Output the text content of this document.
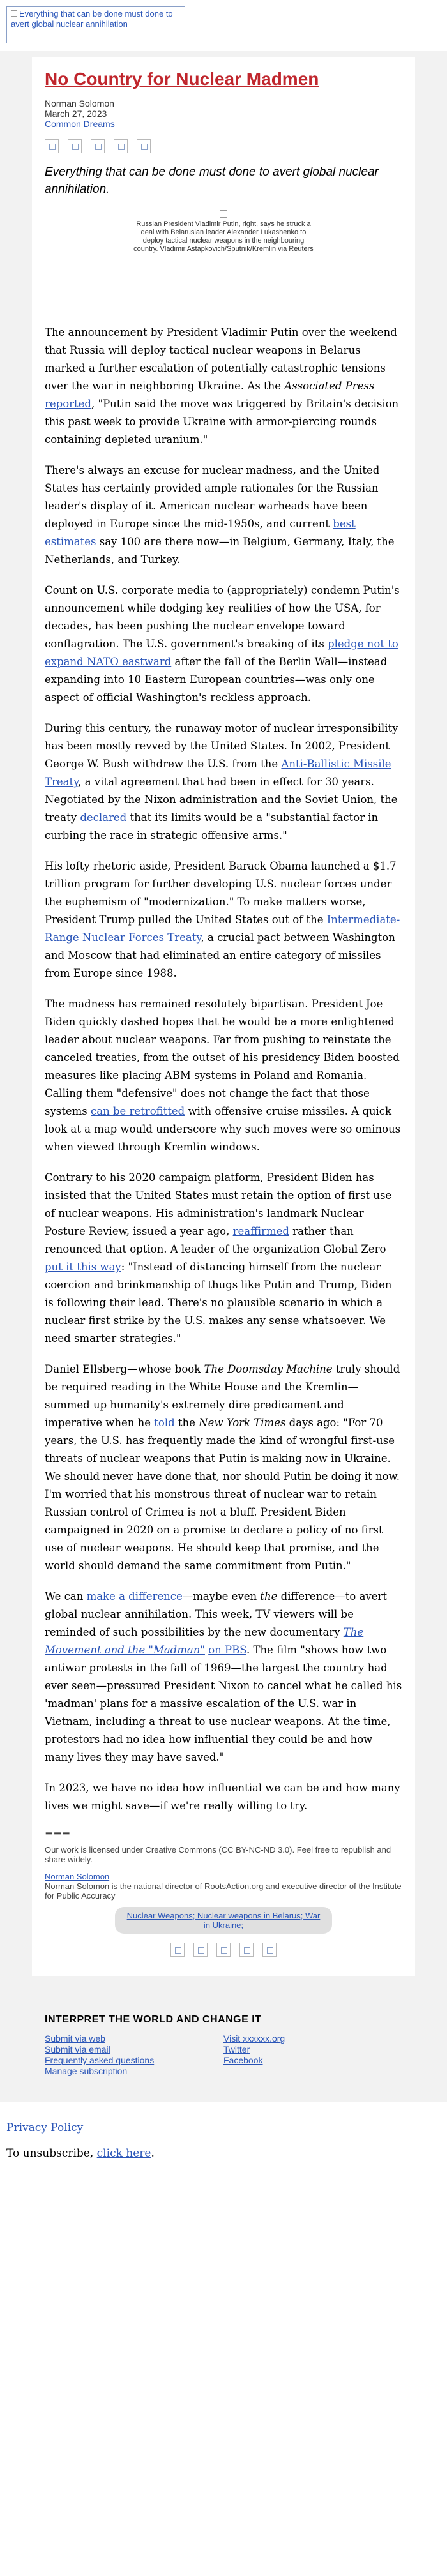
Everything that can be done must done to avert global nuclear annihilation
No Country for Nuclear Madmen
Norman Solomon
March 27, 2023
Common Dreams
Everything that can be done must done to avert global nuclear annihilation.
Russian President Vladimir Putin, right, says he struck a deal with Belarusian leader Alexander Lukashenko to deploy tactical nuclear weapons in the neighbouring country. Vladimir Astapkovich/Sputnik/Kremlin via Reuters

The announcement by President Vladimir Putin over the weekend that Russia will deploy tactical nuclear weapons in Belarus marked a further escalation of potentially catastrophic tensions over the war in neighboring Ukraine. As the Associated Press reported, "Putin said the move was triggered by Britain's decision this past week to provide Ukraine with armor-piercing rounds containing depleted uranium."

There's always an excuse for nuclear madness, and the United States has certainly provided ample rationales for the Russian leader's display of it. American nuclear warheads have been deployed in Europe since the mid-1950s, and current best estimates say 100 are there now—in Belgium, Germany, Italy, the Netherlands, and Turkey.

Count on U.S. corporate media to (appropriately) condemn Putin's announcement while dodging key realities of how the USA, for decades, has been pushing the nuclear envelope toward conflagration. The U.S. government's breaking of its pledge not to expand NATO eastward after the fall of the Berlin Wall—instead expanding into 10 Eastern European countries—was only one aspect of official Washington's reckless approach.

During this century, the runaway motor of nuclear irresponsibility has been mostly revved by the United States. In 2002, President George W. Bush withdrew the U.S. from the Anti-Ballistic Missile Treaty, a vital agreement that had been in effect for 30 years. Negotiated by the Nixon administration and the Soviet Union, the treaty declared that its limits would be a "substantial factor in curbing the race in strategic offensive arms."

His lofty rhetoric aside, President Barack Obama launched a $1.7 trillion program for further developing U.S. nuclear forces under the euphemism of "modernization." To make matters worse, President Trump pulled the United States out of the Intermediate-Range Nuclear Forces Treaty, a crucial pact between Washington and Moscow that had eliminated an entire category of missiles from Europe since 1988.

The madness has remained resolutely bipartisan. President Joe Biden quickly dashed hopes that he would be a more enlightened leader about nuclear weapons. Far from pushing to reinstate the canceled treaties, from the outset of his presidency Biden boosted measures like placing ABM systems in Poland and Romania. Calling them "defensive" does not change the fact that those systems can be retrofitted with offensive cruise missiles. A quick look at a map would underscore why such moves were so ominous when viewed through Kremlin windows.

Contrary to his 2020 campaign platform, President Biden has insisted that the United States must retain the option of first use of nuclear weapons. His administration's landmark Nuclear Posture Review, issued a year ago, reaffirmed rather than renounced that option. A leader of the organization Global Zero put it this way: "Instead of distancing himself from the nuclear coercion and brinkmanship of thugs like Putin and Trump, Biden is following their lead. There's no plausible scenario in which a nuclear first strike by the U.S. makes any sense whatsoever. We need smarter strategies."

Daniel Ellsberg—whose book The Doomsday Machine truly should be required reading in the White House and the Kremlin—summed up humanity's extremely dire predicament and imperative when he told the New York Times days ago: "For 70 years, the U.S. has frequently made the kind of wrongful first-use threats of nuclear weapons that Putin is making now in Ukraine. We should never have done that, nor should Putin be doing it now. I'm worried that his monstrous threat of nuclear war to retain Russian control of Crimea is not a bluff. President Biden campaigned in 2020 on a promise to declare a policy of no first use of nuclear weapons. He should keep that promise, and the world should demand the same commitment from Putin."

We can make a difference—maybe even the difference—to avert global nuclear annihilation. This week, TV viewers will be reminded of such possibilities by the new documentary The Movement and the "Madman" on PBS. The film "shows how two antiwar protests in the fall of 1969—the largest the country had ever seen—pressured President Nixon to cancel what he called his 'madman' plans for a massive escalation of the U.S. war in Vietnam, including a threat to use nuclear weapons. At the time, protestors had no idea how influential they could be and how many lives they may have saved."

In 2023, we have no idea how influential we can be and how many lives we might save—if we're really willing to try.

===
Our work is licensed under Creative Commons (CC BY-NC-ND 3.0). Feel free to republish and share widely.
Norman Solomon
Norman Solomon is the national director of RootsAction.org and executive director of the Institute for Public Accuracy
Nuclear Weapons; Nuclear weapons in Belarus; War in Ukraine;
INTERPRET THE WORLD AND CHANGE IT
Submit via web
Submit via email
Frequently asked questions
Manage subscription
Visit xxxxxx.org
Twitter
Facebook
Privacy Policy
To unsubscribe, click here.
